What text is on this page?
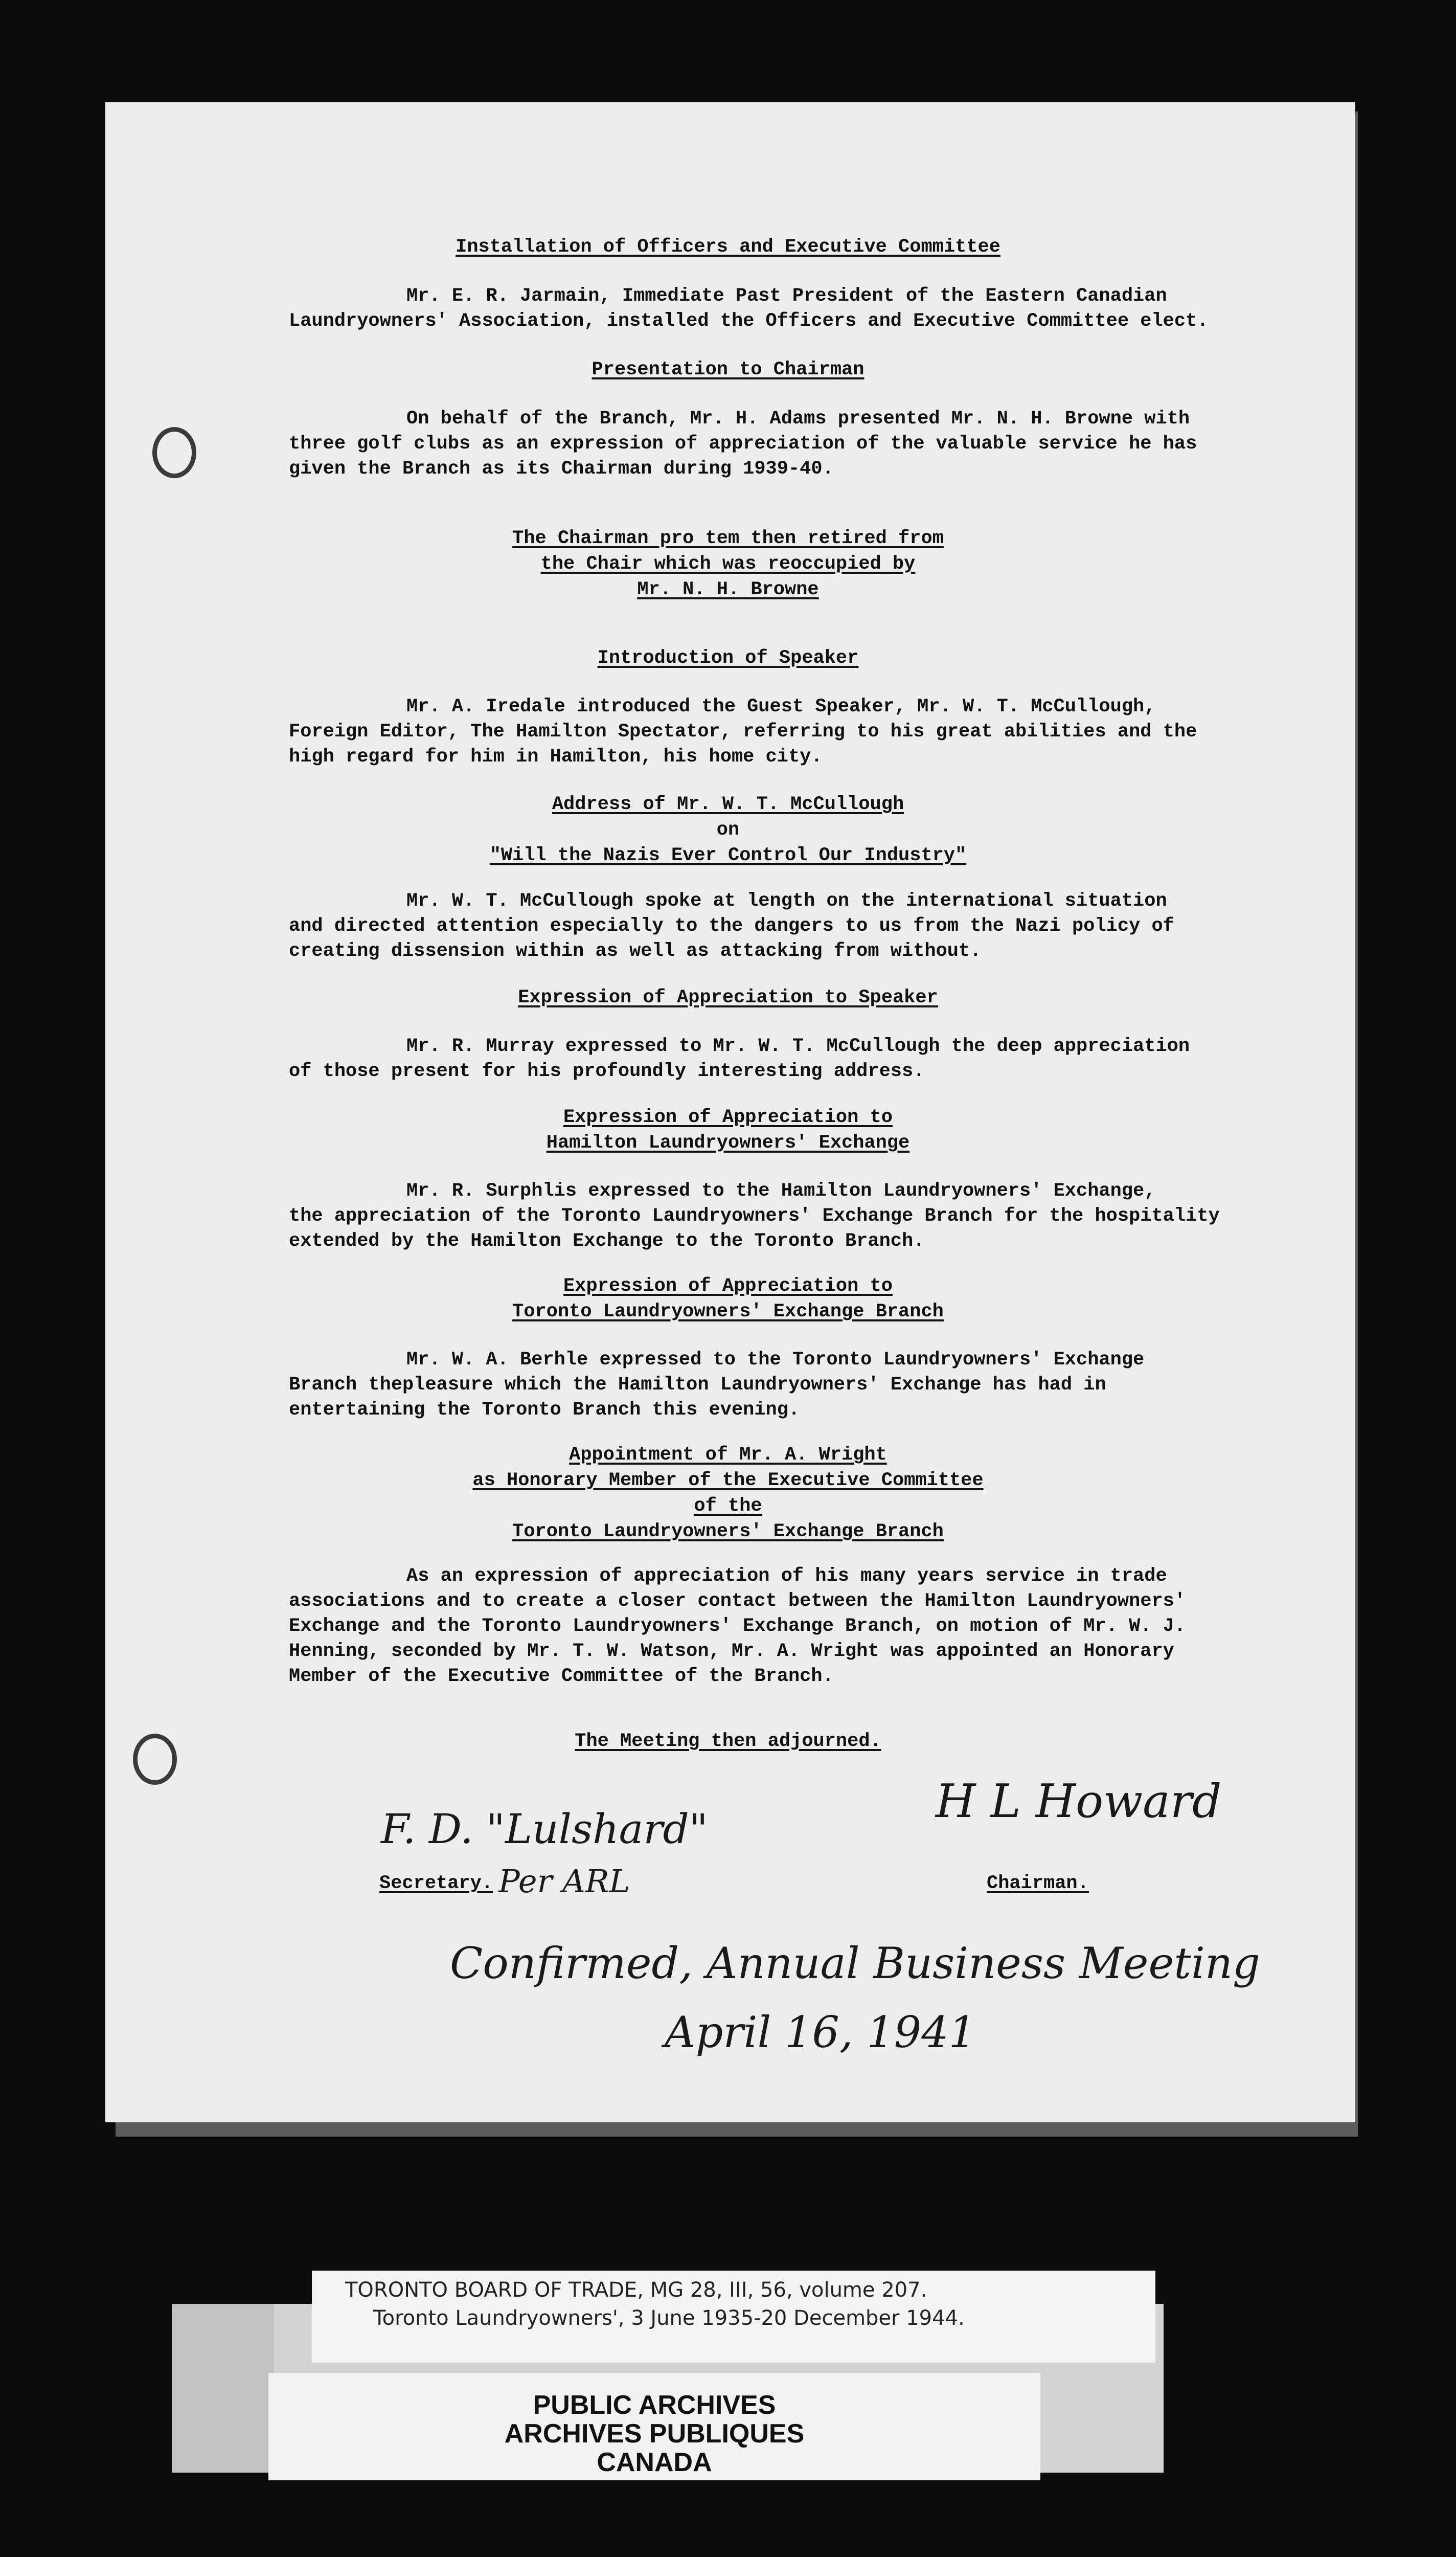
Installation of Officers and Executive Committee
Mr. E. R. Jarmain, Immediate Past President of the Eastern Canadian
Laundryowners' Association, installed the Officers and Executive Committee elect.
Presentation to Chairman
On behalf of the Branch, Mr. H. Adams presented Mr. N. H. Browne with
three golf clubs as an expression of appreciation of the valuable service he has
given the Branch as its Chairman during 1939-40.
The Chairman pro tem then retired from
the Chair which was reoccupied by
Mr. N. H. Browne
Introduction of Speaker
Mr. A. Iredale introduced the Guest Speaker, Mr. W. T. McCullough,
Foreign Editor, The Hamilton Spectator, referring to his great abilities and the
high regard for him in Hamilton, his home city.
Address of Mr. W. T. McCullough
on
"Will the Nazis Ever Control Our Industry"
Mr. W. T. McCullough spoke at length on the international situation
and directed attention especially to the dangers to us from the Nazi policy of
creating dissension within as well as attacking from without.
Expression of Appreciation to Speaker
Mr. R. Murray expressed to Mr. W. T. McCullough the deep appreciation
of those present for his profoundly interesting address.
Expression of Appreciation to
Hamilton Laundryowners' Exchange
Mr. R. Surphlis expressed to the Hamilton Laundryowners' Exchange,
the appreciation of the Toronto Laundryowners' Exchange Branch for the hospitality
extended by the Hamilton Exchange to the Toronto Branch.
Expression of Appreciation to
Toronto Laundryowners' Exchange Branch
Mr. W. A. Berhle expressed to the Toronto Laundryowners' Exchange
Branch thepleasure which the Hamilton Laundryowners' Exchange has had in
entertaining the Toronto Branch this evening.
Appointment of Mr. A. Wright
as Honorary Member of the Executive Committee
of the
Toronto Laundryowners' Exchange Branch
As an expression of appreciation of his many years service in trade
associations and to create a closer contact between the Hamilton Laundryowners'
Exchange and the Toronto Laundryowners' Exchange Branch, on motion of Mr. W. J.
Henning, seconded by Mr. T. W. Watson, Mr. A. Wright was appointed an Honorary
Member of the Executive Committee of the Branch.
The Meeting then adjourned.
F. D. "Lulshard"
Secretary. Per ARL
H L Howard
Chairman.
Confirmed, Annual Business Meeting
April 16, 1941
TORONTO BOARD OF TRADE, MG 28, III, 56, volume 207.
Toronto Laundryowners', 3 June 1935-20 December 1944.
PUBLIC ARCHIVES
ARCHIVES PUBLIQUES
CANADA
